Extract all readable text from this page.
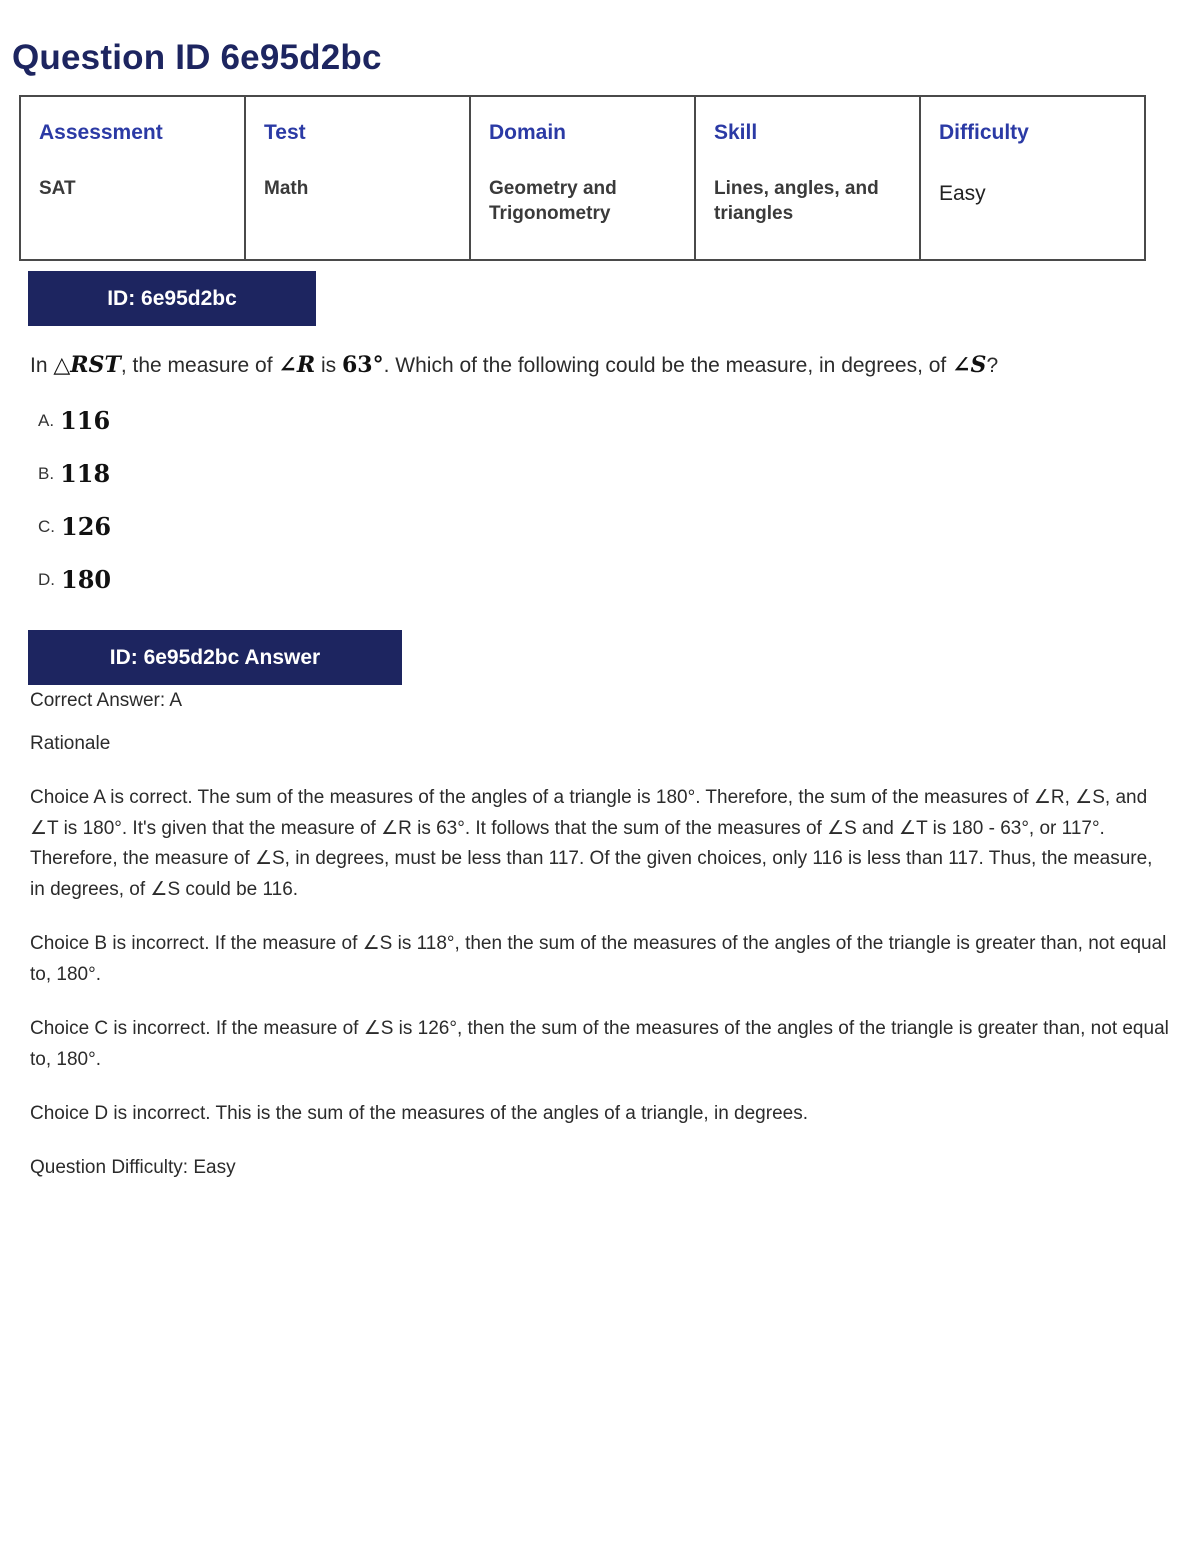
Question ID 6e95d2bc
Assessment
SAT

Test
Math

Domain
Geometry and Trigonometry

Skill
Lines, angles, and triangles

Difficulty
Easy
ID: 6e95d2bc
In △RST, the measure of ∠R is 63°. Which of the following could be the measure, in degrees, of ∠S?
A. 116
B. 118
C. 126
D. 180
ID: 6e95d2bc Answer

Correct Answer: A

Rationale

Choice A is correct. The sum of the measures of the angles of a triangle is 180°. Therefore, the sum of the measures of ∠R, ∠S, and ∠T is 180°. It's given that the measure of ∠R is 63°. It follows that the sum of the measures of ∠S and ∠T is 180 - 63°, or 117°. Therefore, the measure of ∠S, in degrees, must be less than 117. Of the given choices, only 116 is less than 117. Thus, the measure, in degrees, of ∠S could be 116.

Choice B is incorrect. If the measure of ∠S is 118°, then the sum of the measures of the angles of the triangle is greater than, not equal to, 180°.

Choice C is incorrect. If the measure of ∠S is 126°, then the sum of the measures of the angles of the triangle is greater than, not equal to, 180°.

Choice D is incorrect. This is the sum of the measures of the angles of a triangle, in degrees.

Question Difficulty: Easy
